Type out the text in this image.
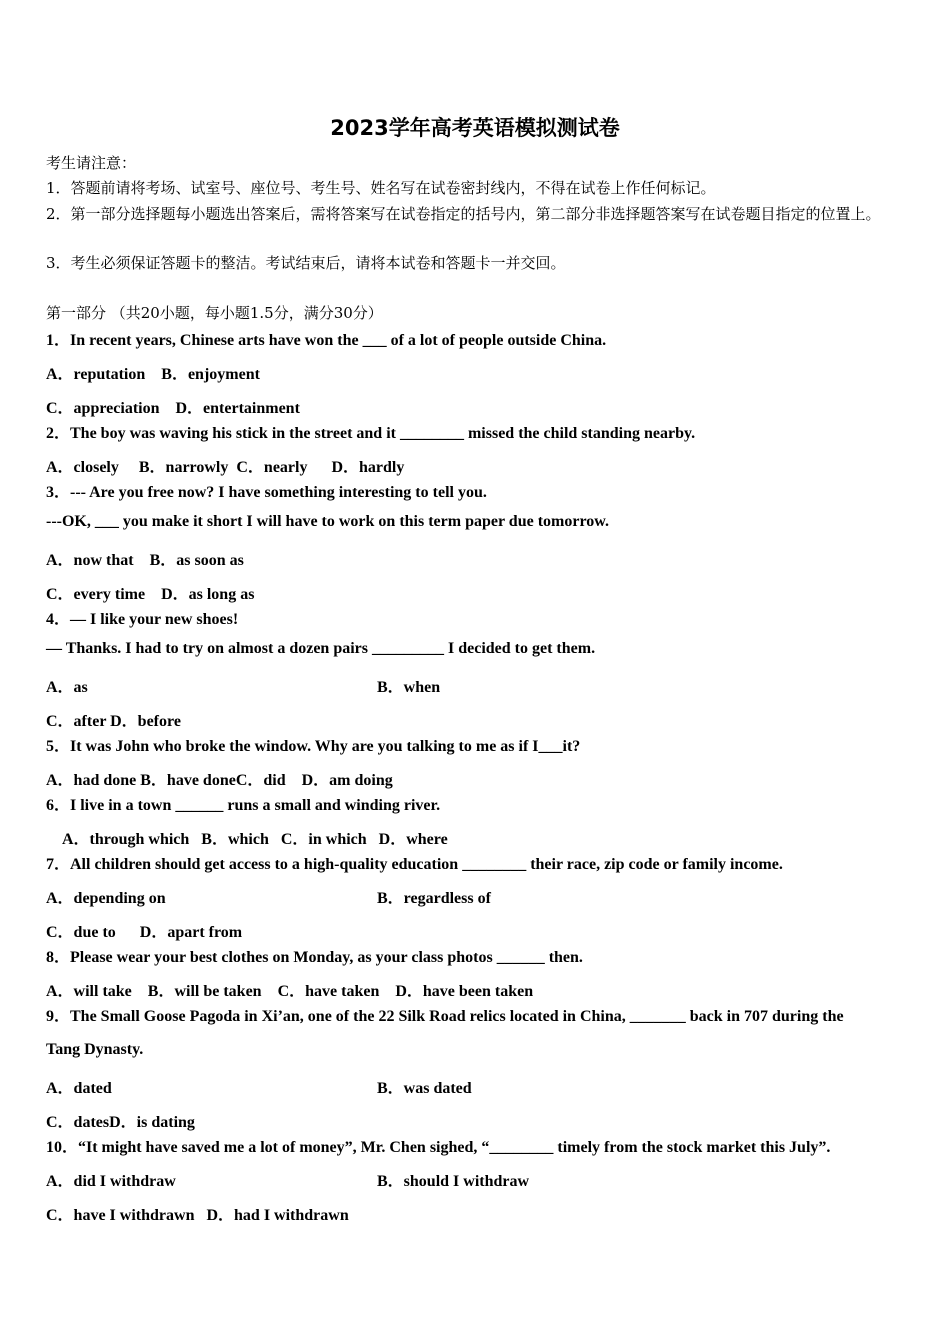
2023学年高考英语模拟测试卷
考生请注意：
1．答题前请将考场、试室号、座位号、考生号、姓名写在试卷密封线内，不得在试卷上作任何标记。
2．第一部分选择题每小题选出答案后，需将答案写在试卷指定的括号内，第二部分非选择题答案写在试卷题目指定的位置上。
3．考生必须保证答题卡的整洁。考试结束后，请将本试卷和答题卡一并交回。
第一部分 （共20小题，每小题1.5分，满分30分）
1．In recent years, Chinese arts have won the ___ of a lot of people outside China.
A．reputation    B．enjoyment
C．appreciation    D．entertainment
2．The boy was waving his stick in the street and it ________ missed the child standing nearby.
A．closely     B．narrowly  C．nearly      D．hardly
3．--- Are you free now? I have something interesting to tell you.
---OK, ___ you make it short I will have to work on this term paper due tomorrow.
A．now that    B．as soon as
C．every time    D．as long as
4．— I like your new shoes!
— Thanks. I had to try on almost a dozen pairs _________ I decided to get them.
A．as	B．when
C．after D．before
5．It was John who broke the window. Why are you talking to me as if I___it?
A．had done B．have doneC．did    D．am doing
6．I live in a town ______ runs a small and winding river.
A．through which   B．which   C．in which   D．where
7．All children should get access to a high-quality education ________ their race, zip code or family income.
A．depending on	B．regardless of
C．due to      D．apart from
8．Please wear your best clothes on Monday, as your class photos ______ then.
A．will take    B．will be taken    C．have taken    D．have been taken
9．The Small Goose Pagoda in Xi’an, one of the 22 Silk Road relics located in China, _______ back in 707 during the
Tang Dynasty.
A．dated	B．was dated
C．datesD．is dating
10．“It might have saved me a lot of money”, Mr. Chen sighed, “________ timely from the stock market this July”.
A．did I withdraw	B．should I withdraw
C．have I withdrawn   D．had I withdrawn
